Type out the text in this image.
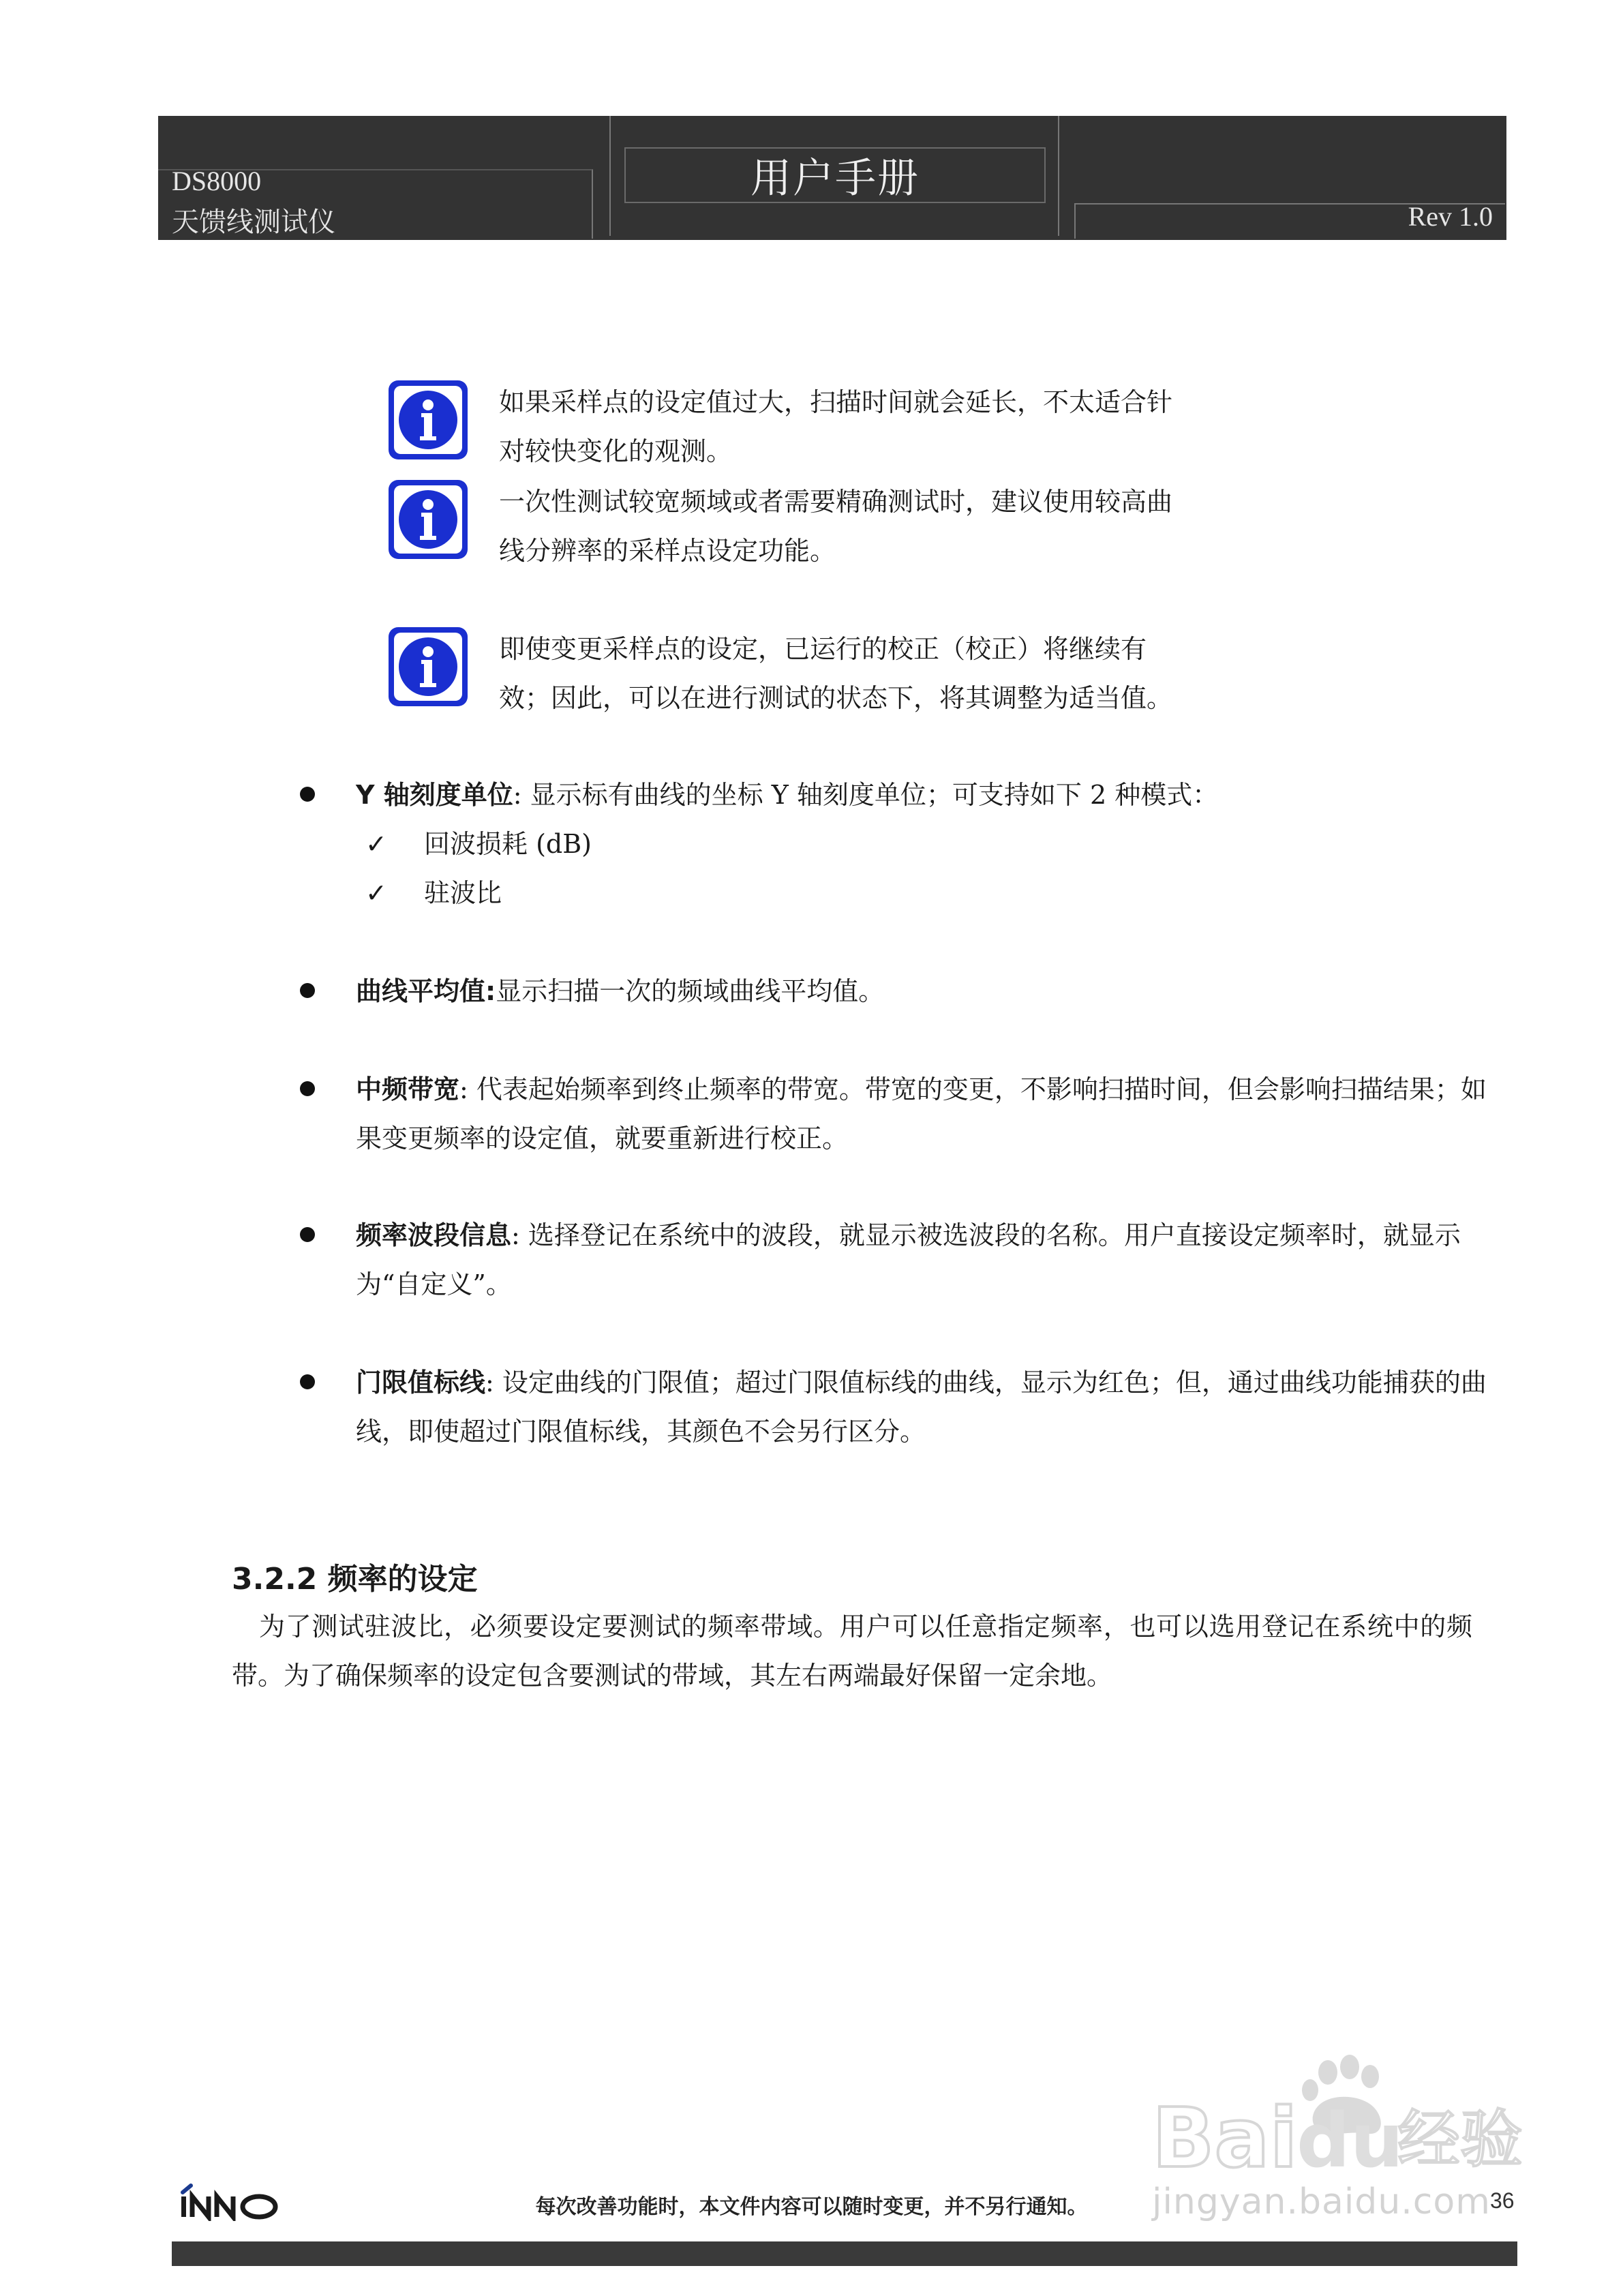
DS8000
天馈线测试仪
用户手册
Rev 1.0
如果采样点的设定值过大，扫描时间就会延长，不太适合针对较快变化的观测。
一次性测试较宽频域或者需要精确测试时，建议使用较高曲线分辨率的采样点设定功能。
即使变更采样点的设定，已运行的校正（校正）将继续有效；因此，可以在进行测试的状态下，将其调整为适当值。
Y 轴刻度单位: 显示标有曲线的坐标 Y 轴刻度单位；可支持如下 2 种模式：
✓ 回波损耗 (dB)
✓ 驻波比
曲线平均值:显示扫描一次的频域曲线平均值。
中频带宽: 代表起始频率到终止频率的带宽。带宽的变更，不影响扫描时间，但会影响扫描结果；如果变更频率的设定值，就要重新进行校正。
频率波段信息: 选择登记在系统中的波段，就显示被选波段的名称。用户直接设定频率时，就显示为“自定义”。
门限值标线: 设定曲线的门限值；超过门限值标线的曲线，显示为红色；但，通过曲线功能捕获的曲线，即使超过门限值标线，其颜色不会另行区分。
3.2.2 频率的设定
为了测试驻波比，必须要设定要测试的频率带域。用户可以任意指定频率，也可以选用登记在系统中的频带。为了确保频率的设定包含要测试的带域，其左右两端最好保留一定余地。
Bai
du
经验
jingyan.baidu.com
每次改善功能时，本文件内容可以随时变更，并不另行通知。	36
